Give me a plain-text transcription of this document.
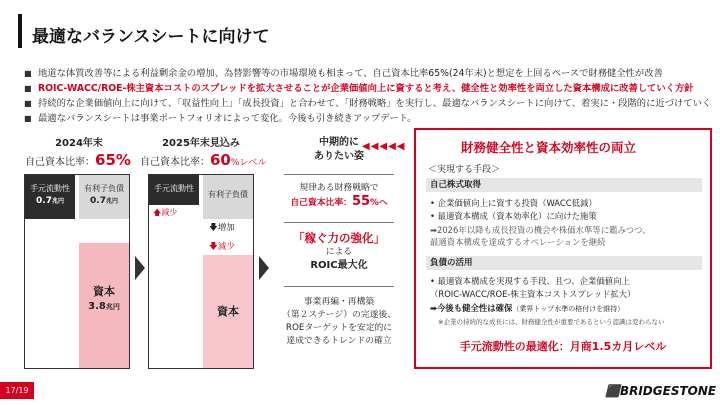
最適なバランスシートに向けて
■ 地道な体質改善等による利益剰余金の増加、為替影響等の市場環境も相まって、自己資本比率65%(24年末)と想定を上回るペースで財務健全性が改善
■ ROIC-WACC/ROE-株主資本コストのスプレッドを拡大させることが企業価値向上に資すると考え、健全性と効率性を両立した資本構成に改善していく方針
■ 持続的な企業価値向上に向けて、「収益性向上」「成長投資」と合わせて、「財務戦略」を実行し、最適なバランスシートに向けて、着実に・段階的に近づけていく
■ 最適なバランスシートは事業ポートフォリオによって変化。今後も引き続きアップデート。
2024年末
自己資本比率：65%
手元流動性
0.7兆円
有利子負債
0.7兆円
資本
3.8兆円
2025年末見込み
自己資本比率：60%レベル
手元流動性
🡅減少
有利子負債
🡇増加
🡇減少
資本
中期的に
ありたい姿
規律ある財務戦略で
自己資本比率：55%へ
「稼ぐ力の強化」
による
ROIC最大化
事業再編・再構築
（第２ステージ）の完遂後、
ROEターゲットを安定的に
達成できるトレンドの確立
◀◀◀◀◀	財務健全性と資本効率性の両立
＜実現する手段＞
自己株式取得
• 企業価値向上に資する投資（WACC低減）
• 最適資本構成（資本効率化）に向けた施策
➡2026年以降も成長投資の機会や株価水準等に鑑みつつ、
最適資本構成を達成するオペレーションを継続
負債の活用
• 最適資本構成を実現する手段、且つ、企業価値向上
（ROIC-WACC/ROE-株主資本コストスプレッド拡大）
➡今後も健全性は確保（業界トップ水準の格付けを維持）
※企業の持続的な成長には、財務健全性が重要であるという認識は変わらない
手元流動性の最適化：月商1.5カ月レベル
17/19	⬛BRIDGESTONE
